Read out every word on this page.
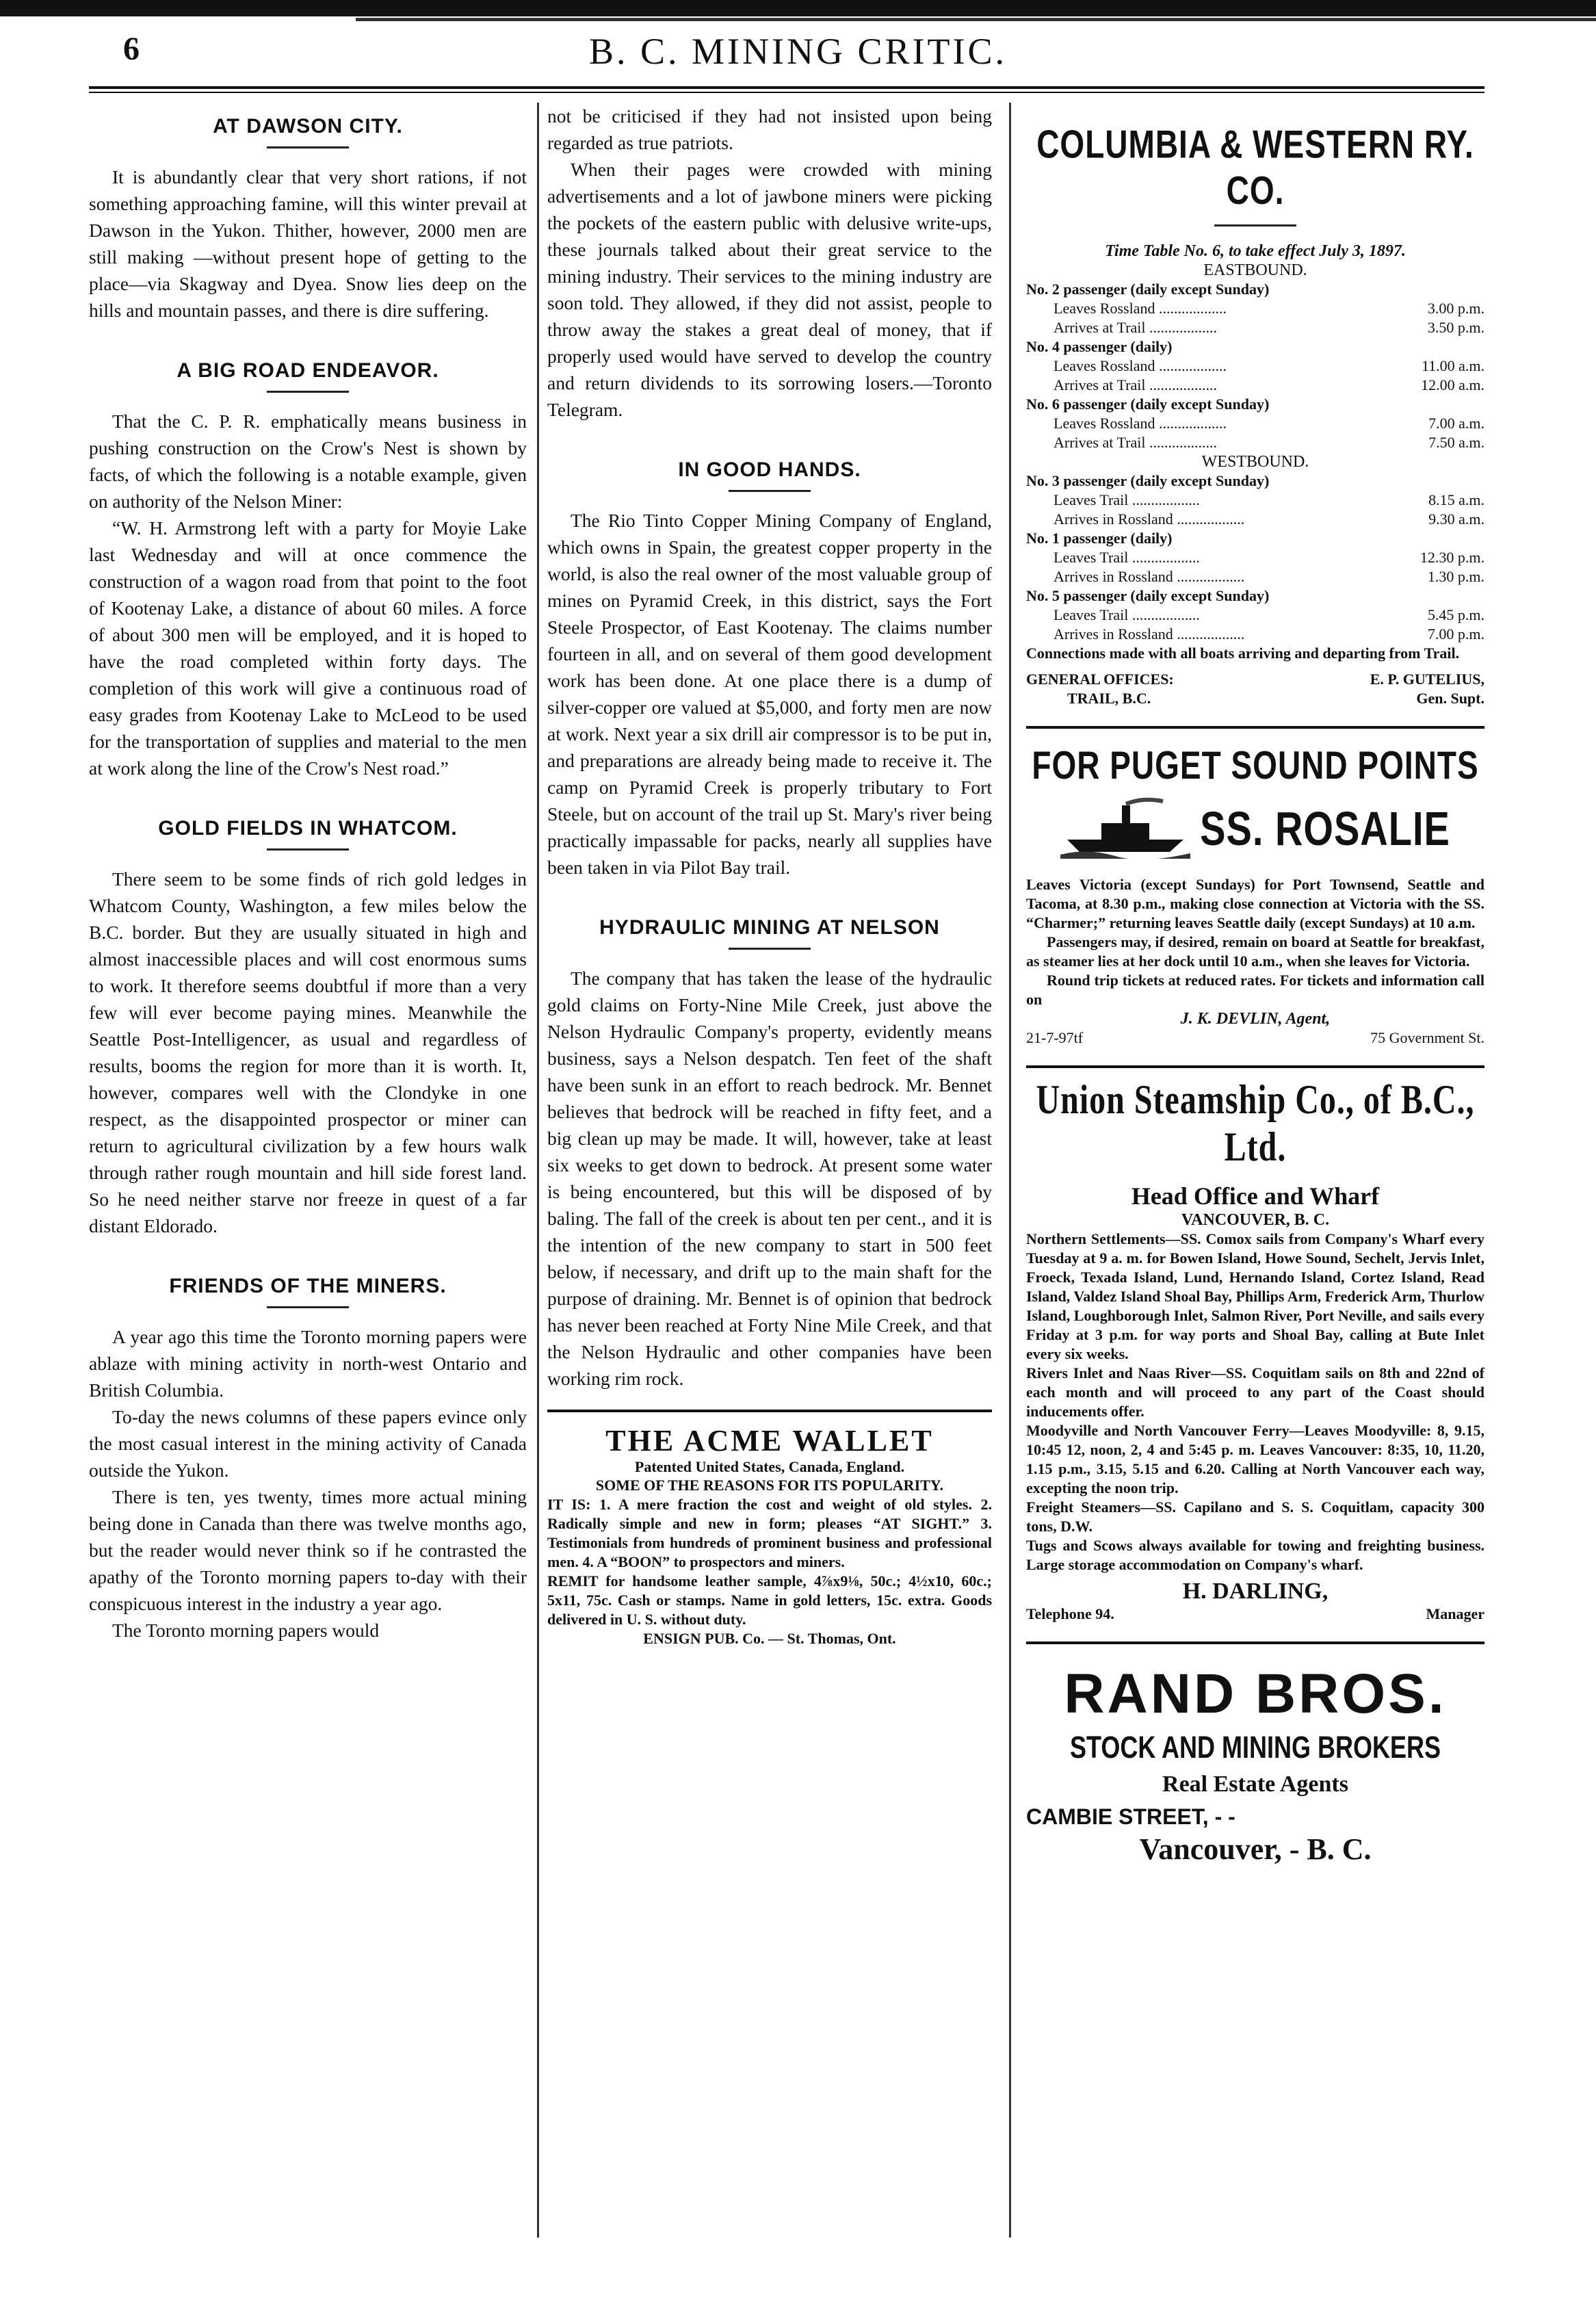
6	B. C. MINING CRITIC.
AT DAWSON CITY.

It is abundantly clear that very short rations, if not something approaching famine, will this winter prevail at Dawson in the Yukon. Thither, however, 2000 men are still making —without present hope of getting to the place—via Skagway and Dyea. Snow lies deep on the hills and mountain passes, and there is dire suffering.

A BIG ROAD ENDEAVOR.

That the C. P. R. emphatically means business in pushing construction on the Crow's Nest is shown by facts, of which the following is a notable example, given on authority of the Nelson Miner:

“W. H. Armstrong left with a party for Moyie Lake last Wednesday and will at once commence the construction of a wagon road from that point to the foot of Kootenay Lake, a distance of about 60 miles. A force of about 300 men will be employed, and it is hoped to have the road completed within forty days. The completion of this work will give a continuous road of easy grades from Kootenay Lake to McLeod to be used for the transportation of supplies and material to the men at work along the line of the Crow's Nest road.”

GOLD FIELDS IN WHATCOM.

There seem to be some finds of rich gold ledges in Whatcom County, Washington, a few miles below the B.C. border. But they are usually situated in high and almost inaccessible places and will cost enormous sums to work. It therefore seems doubtful if more than a very few will ever become paying mines. Meanwhile the Seattle Post-Intelligencer, as usual and regardless of results, booms the region for more than it is worth. It, however, compares well with the Clondyke in one respect, as the disappointed prospector or miner can return to agricultural civilization by a few hours walk through rather rough mountain and hill side forest land. So he need neither starve nor freeze in quest of a far distant Eldorado.

FRIENDS OF THE MINERS.

A year ago this time the Toronto morning papers were ablaze with mining activity in north-west Ontario and British Columbia.

To-day the news columns of these papers evince only the most casual interest in the mining activity of Canada outside the Yukon.

There is ten, yes twenty, times more actual mining being done in Canada than there was twelve months ago, but the reader would never think so if he contrasted the apathy of the Toronto morning papers to-day with their conspicuous interest in the industry a year ago.

The Toronto morning papers would

not be criticised if they had not insisted upon being regarded as true patriots.

When their pages were crowded with mining advertisements and a lot of jawbone miners were picking the pockets of the eastern public with delusive write-ups, these journals talked about their great service to the mining industry. Their services to the mining industry are soon told. They allowed, if they did not assist, people to throw away the stakes a great deal of money, that if properly used would have served to develop the country and return dividends to its sorrowing losers.—Toronto Telegram.

IN GOOD HANDS.

The Rio Tinto Copper Mining Company of England, which owns in Spain, the greatest copper property in the world, is also the real owner of the most valuable group of mines on Pyramid Creek, in this district, says the Fort Steele Prospector, of East Kootenay. The claims number fourteen in all, and on several of them good development work has been done. At one place there is a dump of silver-copper ore valued at $5,000, and forty men are now at work. Next year a six drill air compressor is to be put in, and preparations are already being made to receive it. The camp on Pyramid Creek is properly tributary to Fort Steele, but on account of the trail up St. Mary's river being practically impassable for packs, nearly all supplies have been taken in via Pilot Bay trail.

HYDRAULIC MINING AT NELSON

The company that has taken the lease of the hydraulic gold claims on Forty-Nine Mile Creek, just above the Nelson Hydraulic Company's property, evidently means business, says a Nelson despatch. Ten feet of the shaft have been sunk in an effort to reach bedrock. Mr. Bennet believes that bedrock will be reached in fifty feet, and a big clean up may be made. It will, however, take at least six weeks to get down to bedrock. At present some water is being encountered, but this will be disposed of by baling. The fall of the creek is about ten per cent., and it is the intention of the new company to start in 500 feet below, if necessary, and drift up to the main shaft for the purpose of draining. Mr. Bennet is of opinion that bedrock has never been reached at Forty Nine Mile Creek, and that the Nelson Hydraulic and other companies have been working rim rock.

THE ACME WALLET
Patented United States, Canada, England.
SOME OF THE REASONS FOR ITS POPULARITY.
IT IS: 1. A mere fraction the cost and weight of old styles. 2. Radically simple and new in form; pleases “AT SIGHT.” 3. Testimonials from hundreds of prominent business and professional men. 4. A “BOON” to prospectors and miners.
REMIT for handsome leather sample, 4⅞x9⅛, 50c.; 4½x10, 60c.; 5x11, 75c. Cash or stamps. Name in gold letters, 15c. extra. Goods delivered in U. S. without duty.
ENSIGN PUB. Co. — St. Thomas, Ont.
COLUMBIA & WESTERN RY. CO.
Time Table No. 6, to take effect July 3, 1897.
EASTBOUND.
No. 2 passenger (daily except Sunday)
Leaves Rossland ..................	3.00 p.m.
Arrives at Trail ..................	3.50 p.m.
No. 4 passenger (daily)
Leaves Rossland ..................	11.00 a.m.
Arrives at Trail ..................	12.00 a.m.
No. 6 passenger (daily except Sunday)
Leaves Rossland ..................	7.00 a.m.
Arrives at Trail ..................	7.50 a.m.
WESTBOUND.
No. 3 passenger (daily except Sunday)
Leaves Trail ..................	8.15 a.m.
Arrives in Rossland ..................	9.30 a.m.
No. 1 passenger (daily)
Leaves Trail ..................	12.30 p.m.
Arrives in Rossland ..................	1.30 p.m.
No. 5 passenger (daily except Sunday)
Leaves Trail ..................	5.45 p.m.
Arrives in Rossland ..................	7.00 p.m.
Connections made with all boats arriving and departing from Trail.
GENERAL OFFICES:	E. P. GUTELIUS,
TRAIL, B.C.	Gen. Supt.
FOR PUGET SOUND POINTS
SS. ROSALIE
Leaves Victoria (except Sundays) for Port Townsend, Seattle and Tacoma, at 8.30 p.m., making close connection at Victoria with the SS. “Charmer;” returning leaves Seattle daily (except Sundays) at 10 a.m.
Passengers may, if desired, remain on board at Seattle for breakfast, as steamer lies at her dock until 10 a.m., when she leaves for Victoria.
Round trip tickets at reduced rates. For tickets and information call on
J. K. DEVLIN, Agent,
21-7-97tf	75 Government St.
Union Steamship Co., of B.C., Ltd.
Head Office and Wharf
VANCOUVER, B. C.
Northern Settlements—SS. Comox sails from Company's Wharf every Tuesday at 9 a. m. for Bowen Island, Howe Sound, Sechelt, Jervis Inlet, Froeck, Texada Island, Lund, Hernando Island, Cortez Island, Read Island, Valdez Island Shoal Bay, Phillips Arm, Frederick Arm, Thurlow Island, Loughborough Inlet, Salmon River, Port Neville, and sails every Friday at 3 p.m. for way ports and Shoal Bay, calling at Bute Inlet every six weeks.
Rivers Inlet and Naas River—SS. Coquitlam sails on 8th and 22nd of each month and will proceed to any part of the Coast should inducements offer.
Moodyville and North Vancouver Ferry—Leaves Moodyville: 8, 9.15, 10:45 12, noon, 2, 4 and 5:45 p. m. Leaves Vancouver: 8:35, 10, 11.20, 1.15 p.m., 3.15, 5.15 and 6.20. Calling at North Vancouver each way, excepting the noon trip.
Freight Steamers—SS. Capilano and S. S. Coquitlam, capacity 300 tons, D.W.
Tugs and Scows always available for towing and freighting business. Large storage accommodation on Company's wharf.
H. DARLING,
Telephone 94.	Manager
RAND BROS.
STOCK AND MINING BROKERS
Real Estate Agents
CAMBIE STREET, - -
Vancouver, - B. C.
